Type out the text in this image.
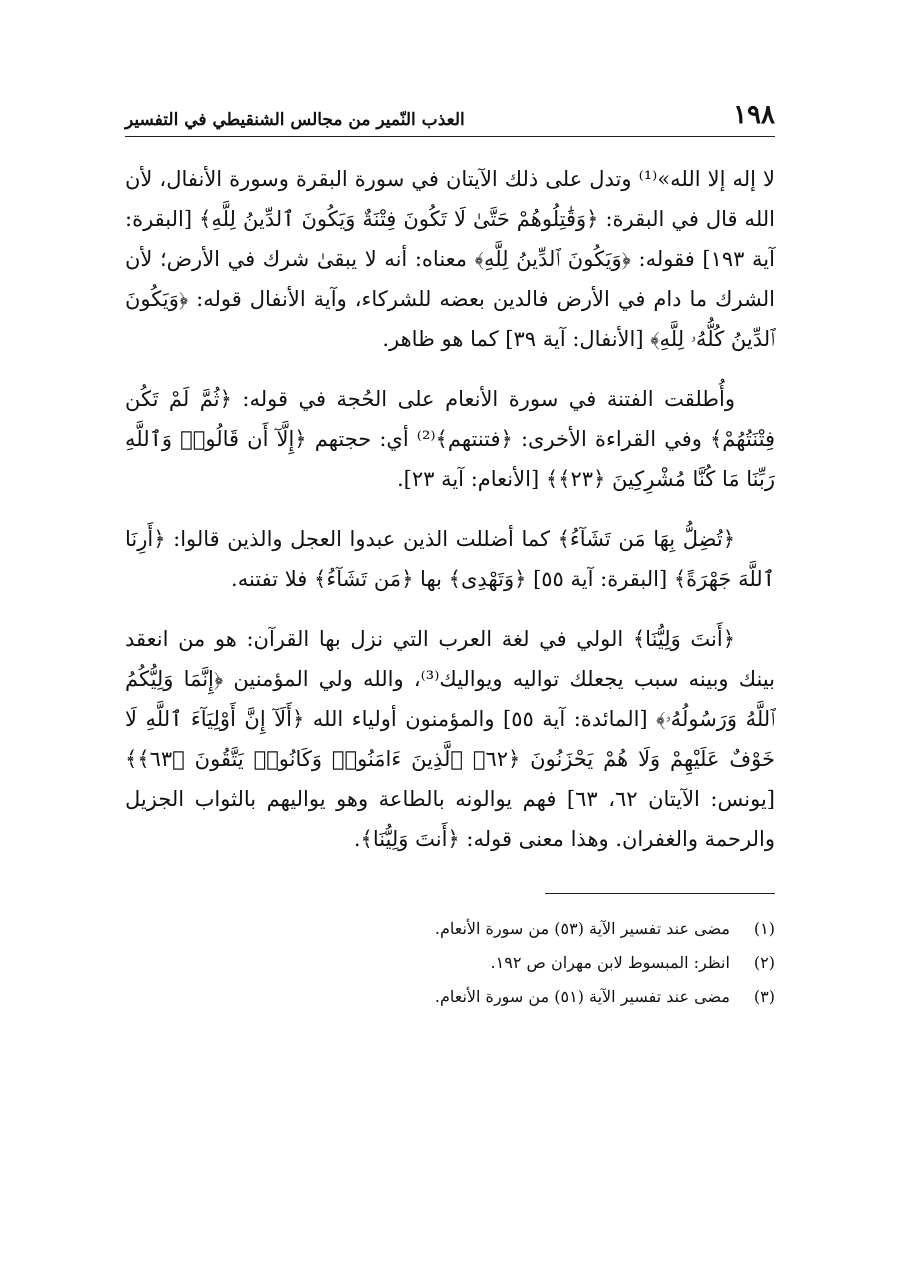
١٩٨
العذب النّمير من مجالس الشنقيطي في التفسير

لا إله إلا الله»⁽¹⁾ وتدل على ذلك الآيتان في سورة البقرة وسورة الأنفال، لأن الله قال في البقرة: ﴿وَقَٰتِلُوهُمْ حَتَّىٰ لَا تَكُونَ فِتْنَةٌ وَيَكُونَ ٱلدِّينُ لِلَّهِ﴾ [البقرة: آية ١٩٣] فقوله: ﴿وَيَكُونَ ٱلدِّينُ لِلَّهِ﴾ معناه: أنه لا يبقىٰ شرك في الأرض؛ لأن الشرك ما دام في الأرض فالدين بعضه للشركاء، وآية الأنفال قوله: ﴿وَيَكُونَ ٱلدِّينُ كُلُّهُۥ لِلَّهِ﴾ [الأنفال: آية ٣٩] كما هو ظاهر.

وأُطلقت الفتنة في سورة الأنعام على الحُجة في قوله: ﴿ثُمَّ لَمْ تَكُن فِتْنَتُهُمْ﴾ وفي القراءة الأخرى: ﴿فتنتهم﴾⁽²⁾ أي: حجتهم ﴿إِلَّآ أَن قَالُوا۟ وَٱللَّهِ رَبِّنَا مَا كُنَّا مُشْرِكِينَ ﴿٢٣﴾﴾ [الأنعام: آية ٢٣].

﴿تُضِلُّ بِهَا مَن تَشَآءُ﴾ كما أضللت الذين عبدوا العجل والذين قالوا: ﴿أَرِنَا ٱللَّهَ جَهْرَةً﴾ [البقرة: آية ٥٥] ﴿وَتَهْدِى﴾ بها ﴿مَن تَشَآءُ﴾ فلا تفتنه.

﴿أَنتَ وَلِيُّنَا﴾ الولي في لغة العرب التي نزل بها القرآن: هو من انعقد بينك وبينه سبب يجعلك تواليه ويواليك⁽³⁾، والله ولي المؤمنين ﴿إِنَّمَا وَلِيُّكُمُ ٱللَّهُ وَرَسُولُهُۥ﴾ [المائدة: آية ٥٥] والمؤمنون أولياء الله ﴿أَلَآ إِنَّ أَوْلِيَآءَ ٱللَّهِ لَا خَوْفٌ عَلَيْهِمْ وَلَا هُمْ يَحْزَنُونَ ﴿٦٢﴾ ٱلَّذِينَ ءَامَنُوا۟ وَكَانُوا۟ يَتَّقُونَ ﴿٦٣﴾﴾ [يونس: الآيتان ٦٢، ٦٣] فهم يوالونه بالطاعة وهو يواليهم بالثواب الجزيل والرحمة والغفران. وهذا معنى قوله: ﴿أَنتَ وَلِيُّنَا﴾.

(١) مضى عند تفسير الآية (٥٣) من سورة الأنعام.
(٢) انظر: المبسوط لابن مهران ص ١٩٢.
(٣) مضى عند تفسير الآية (٥١) من سورة الأنعام.
